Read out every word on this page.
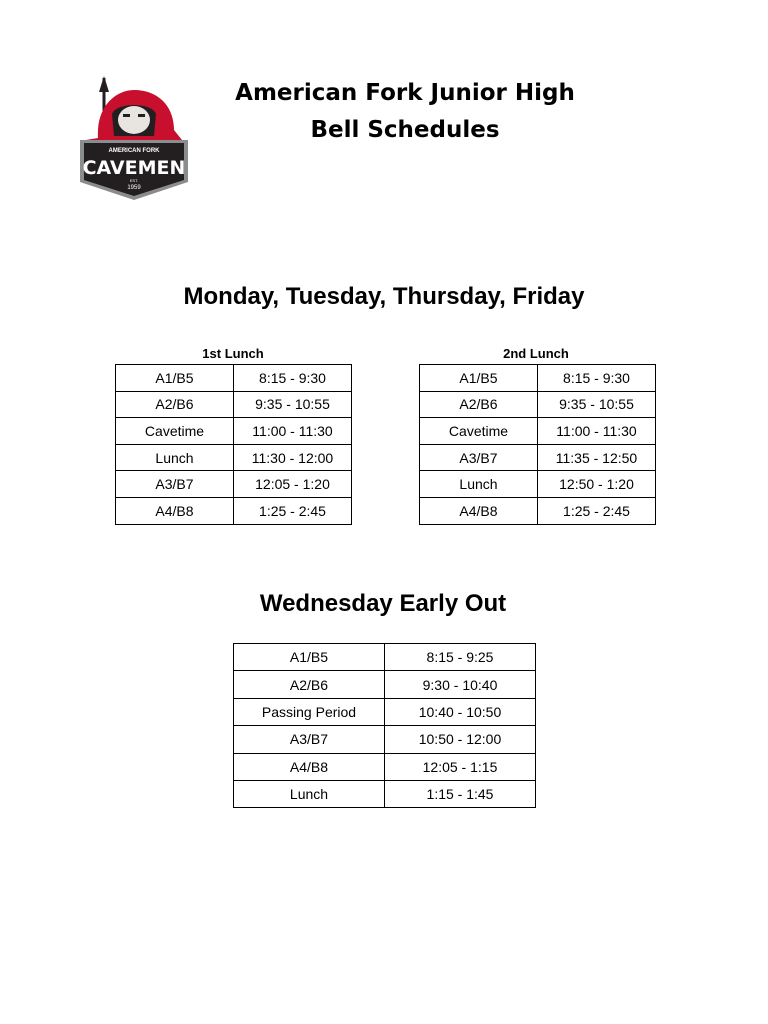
AMERICAN FORK
CAVEMEN
EST.
1959
American Fork Junior High
Bell Schedules
Monday, Tuesday, Thursday, Friday
1st Lunch
A1/B5	8:15 - 9:30
A2/B6	9:35 - 10:55
Cavetime	11:00 - 11:30
Lunch	11:30 - 12:00
A3/B7	12:05 - 1:20
A4/B8	1:25 - 2:45
2nd Lunch
A1/B5	8:15 - 9:30
A2/B6	9:35 - 10:55
Cavetime	11:00 - 11:30
A3/B7	11:35 - 12:50
Lunch	12:50 - 1:20
A4/B8	1:25 - 2:45
Wednesday Early Out
A1/B5	8:15 - 9:25
A2/B6	9:30 - 10:40
Passing Period	10:40 - 10:50
A3/B7	10:50 - 12:00
A4/B8	12:05 - 1:15
Lunch	1:15 - 1:45
